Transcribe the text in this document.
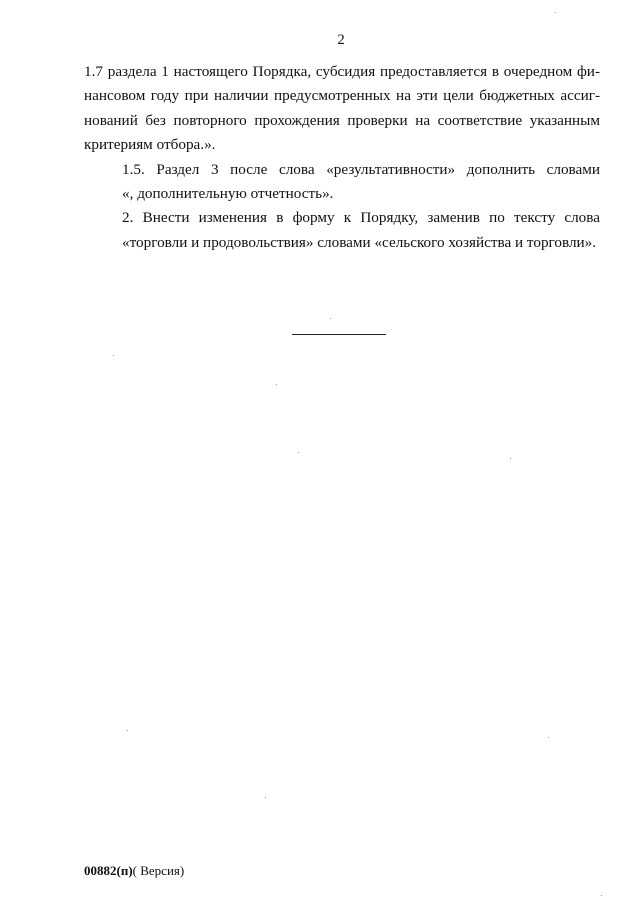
2

1.7 раздела 1 настоящего Порядка, субсидия предоставляется в очередном фи-
нансовом году при наличии предусмотренных на эти цели бюджетных ассиг-
нований без повторного прохождения проверки на соответствие указанным
критериям отбора.».

1.5. Раздел 3 после слова «результативности» дополнить словами
«, дополнительную отчетность».

2. Внести изменения в форму к Порядку, заменив по тексту слова
«торговли и продовольствия» словами «сельского хозяйства и торговли».

00882(п)( Версия)
